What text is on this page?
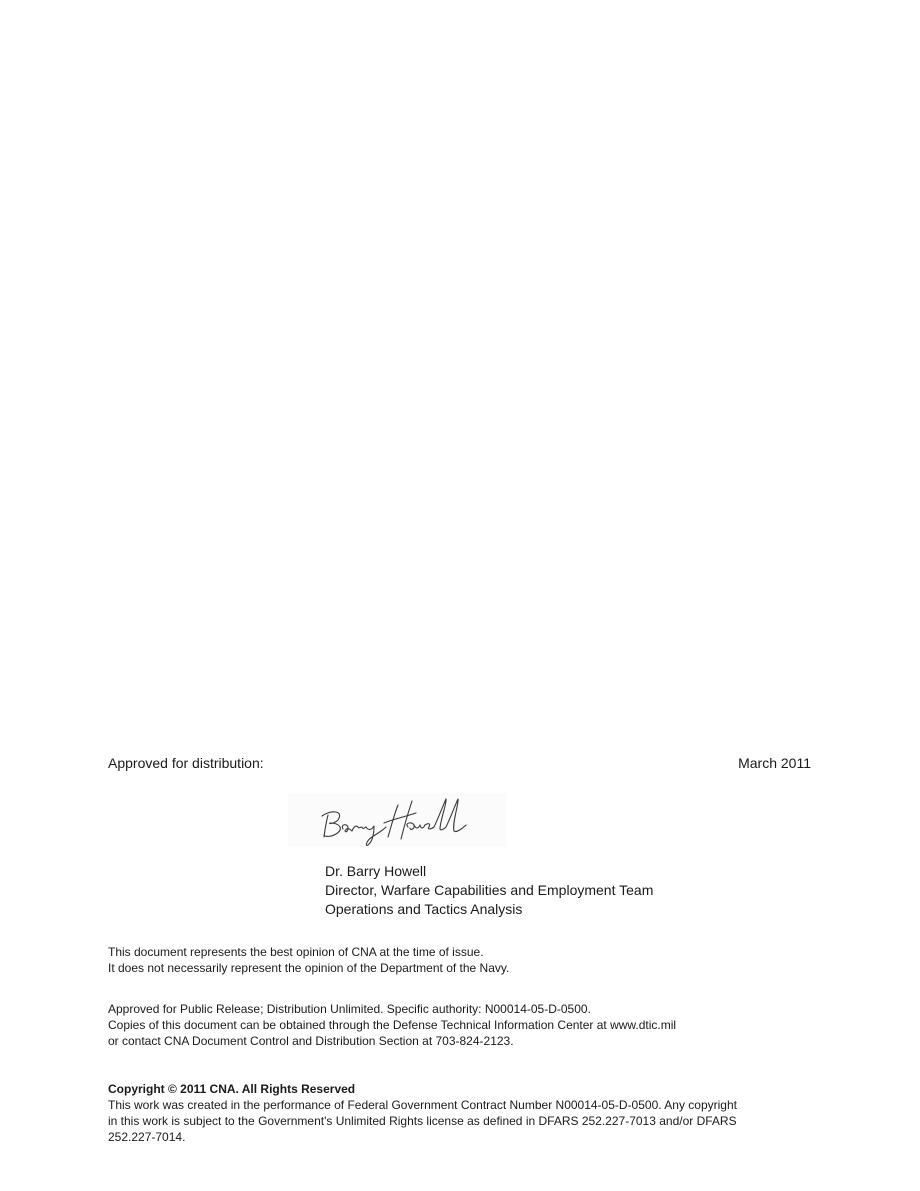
Approved for distribution:	March 2011
Dr. Barry Howell
Director, Warfare Capabilities and Employment Team
Operations and Tactics Analysis
This document represents the best opinion of CNA at the time of issue.
It does not necessarily represent the opinion of the Department of the Navy.
Approved for Public Release; Distribution Unlimited. Specific authority: N00014-05-D-0500.
Copies of this document can be obtained through the Defense Technical Information Center at www.dtic.mil
or contact CNA Document Control and Distribution Section at 703-824-2123.
Copyright © 2011 CNA. All Rights Reserved
This work was created in the performance of Federal Government Contract Number N00014-05-D-0500. Any copyright
in this work is subject to the Government's Unlimited Rights license as defined in DFARS 252.227-7013 and/or DFARS
252.227-7014.
